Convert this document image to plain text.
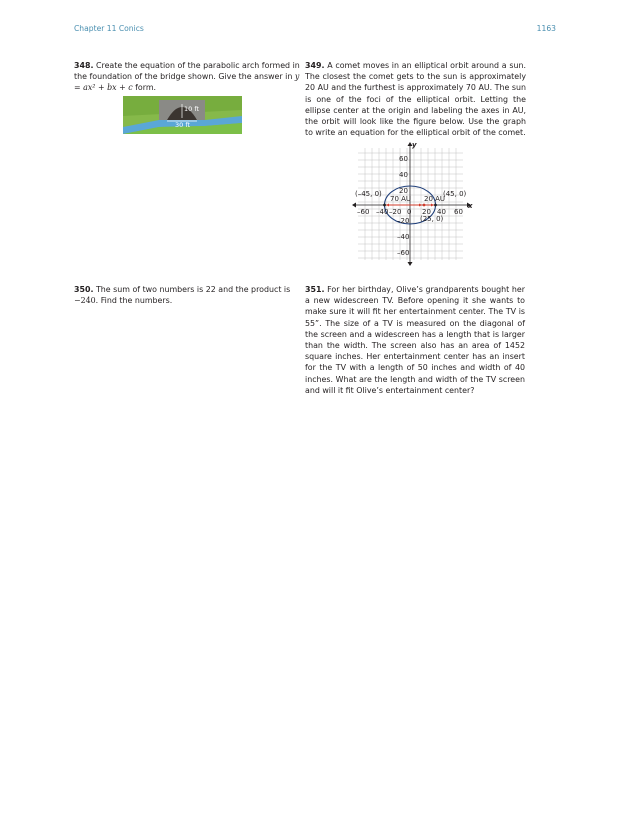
Chapter 11 Conics	1163
348. Create the equation of the parabolic arch formed in the foundation of the bridge shown. Give the answer in y = ax² + bx + c form.
10 ft
30 ft
349. A comet moves in an elliptical orbit around a sun. The closest the comet gets to the sun is approximately 20 AU and the furthest is approximately 70 AU. The sun is one of the foci of the elliptical orbit. Letting the ellipse center at the origin and labeling the axes in AU, the orbit will look like the figure below. Use the graph to write an equation for the elliptical orbit of the comet.
y
x
60
40
20
–20
–40
–60
–60 –40 –20 0 20 40 60
(–45, 0)	(45, 0)
(25, 0)
70 AU 20 AU
350. The sum of two numbers is 22 and the product is −240. Find the numbers.
351. For her birthday, Olive’s grandparents bought her a new widescreen TV. Before opening it she wants to make sure it will fit her entertainment center. The TV is 55”. The size of a TV is measured on the diagonal of the screen and a widescreen has a length that is larger than the width. The screen also has an area of 1452 square inches. Her entertainment center has an insert for the TV with a length of 50 inches and width of 40 inches. What are the length and width of the TV screen and will it fit Olive’s entertainment center?
